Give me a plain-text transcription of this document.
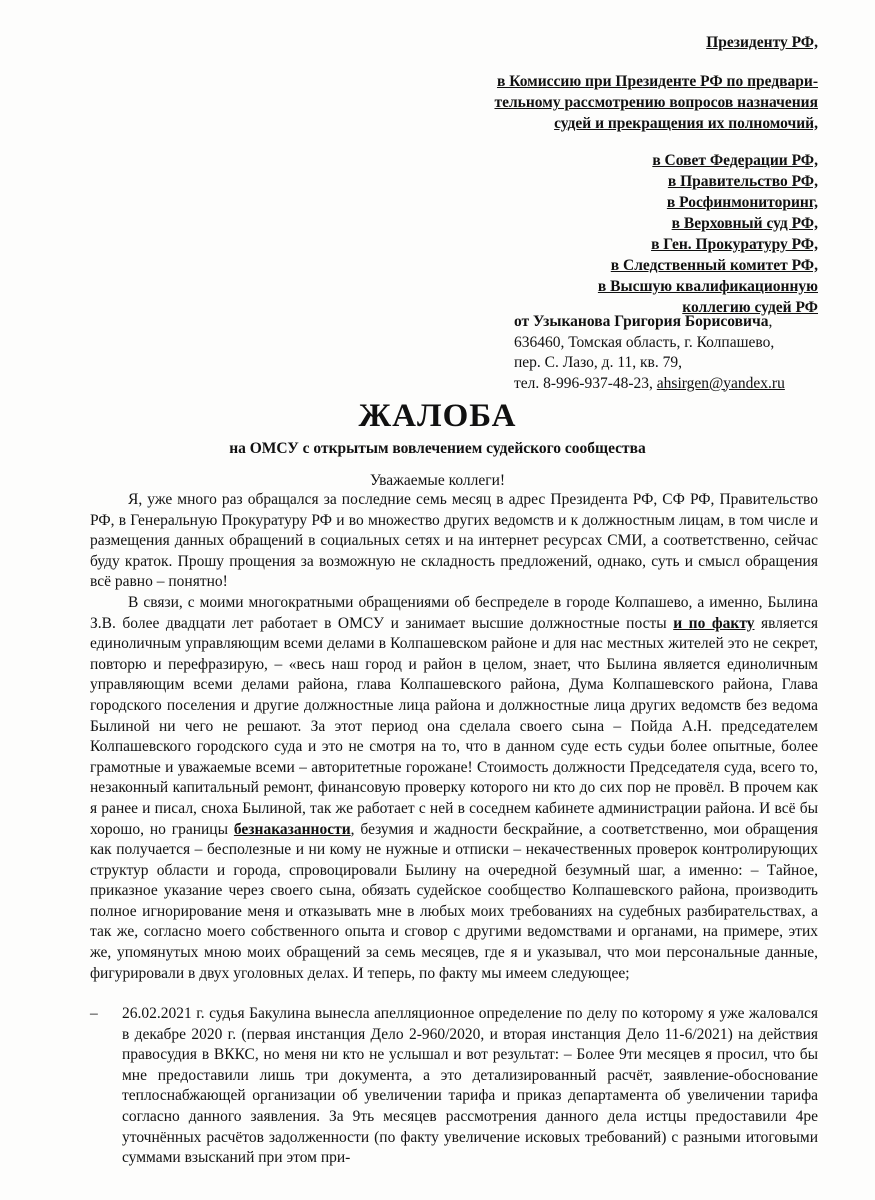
Президенту РФ,
в Комиссию при Президенте РФ по предвари-
тельному рассмотрению вопросов назначения
судей и прекращения их полномочий,
в Совет Федерации РФ,
в Правительство РФ,
в Росфинмониторинг,
в Верховный суд РФ,
в Ген. Прокуратуру РФ,
в Следственный комитет РФ,
в Высшую квалификационную
коллегию судей РФ
от Узыканова Григория Борисовича,
636460, Томская область, г. Колпашево,
пер. С. Лазо, д. 11, кв. 79,
тел. 8-996-937-48-23, ahsirgen@yandex.ru
ЖАЛОБА
на ОМСУ с открытым вовлечением судейского сообщества
Уважаемые коллеги!

Я, уже много раз обращался за последние семь месяц в адрес Президента РФ, СФ РФ, Правительство РФ, в Генеральную Прокуратуру РФ и во множество других ведомств и к должностным лицам, в том числе и размещения данных обращений в социальных сетях и на интернет ресурсах СМИ, а соответственно, сейчас буду краток. Прошу прощения за возможную не складность предложений, однако, суть и смысл обращения всё равно – понятно!

В связи, с моими многократными обращениями об беспределе в городе Колпашево, а именно, Былина З.В. более двадцати лет работает в ОМСУ и занимает высшие должностные посты и по факту является единоличным управляющим всеми делами в Колпашевском районе и для нас местных жителей это не секрет, повторю и перефразирую, – «весь наш город и район в целом, знает, что Былина является единоличным управляющим всеми делами района, глава Колпашевского района, Дума Колпашевского района, Глава городского поселения и другие должностные лица района и должностные лица других ведомств без ведома Былиной ни чего не решают. За этот период она сделала своего сына – Пойда А.Н. председателем Колпашевского городского суда и это не смотря на то, что в данном суде есть судьи более опытные, более грамотные и уважаемые всеми – авторитетные горожане! Стоимость должности Председателя суда, всего то, незаконный капитальный ремонт, финансовую проверку которого ни кто до сих пор не провёл. В прочем как я ранее и писал, сноха Былиной, так же работает с ней в соседнем кабинете администрации района. И всё бы хорошо, но границы безнаказанности, безумия и жадности бескрайние, а соответственно, мои обращения как получается – бесполезные и ни кому не нужные и отписки – некачественных проверок контролирующих структур области и города, спровоцировали Былину на очередной безумный шаг, а именно: – Тайное, приказное указание через своего сына, обязать судейское сообщество Колпашевского района, производить полное игнорирование меня и отказывать мне в любых моих требованиях на судебных разбирательствах, а так же, согласно моего собственного опыта и сговор с другими ведомствами и органами, на примере, этих же, упомянутых мною моих обращений за семь месяцев, где я и указывал, что мои персональные данные, фигурировали в двух уголовных делах. И теперь, по факту мы имеем следующее;

– 26.02.2021 г. судья Бакулина вынесла апелляционное определение по делу по которому я уже жаловался в декабре 2020 г. (первая инстанция Дело 2-960/2020, и вторая инстанция Дело 11-6/2021) на действия правосудия в ВККС, но меня ни кто не услышал и вот результат: – Более 9ти месяцев я просил, что бы мне предоставили лишь три документа, а это детализированный расчёт, заявление-обоснование теплоснабжающей организации об увеличении тарифа и приказ департамента об увеличении тарифа согласно данного заявления. За 9ть месяцев рассмотрения данного дела истцы предоставили 4ре уточнённых расчётов задолженности (по факту увеличение исковых требований) с разными итоговыми суммами взысканий при этом при-
